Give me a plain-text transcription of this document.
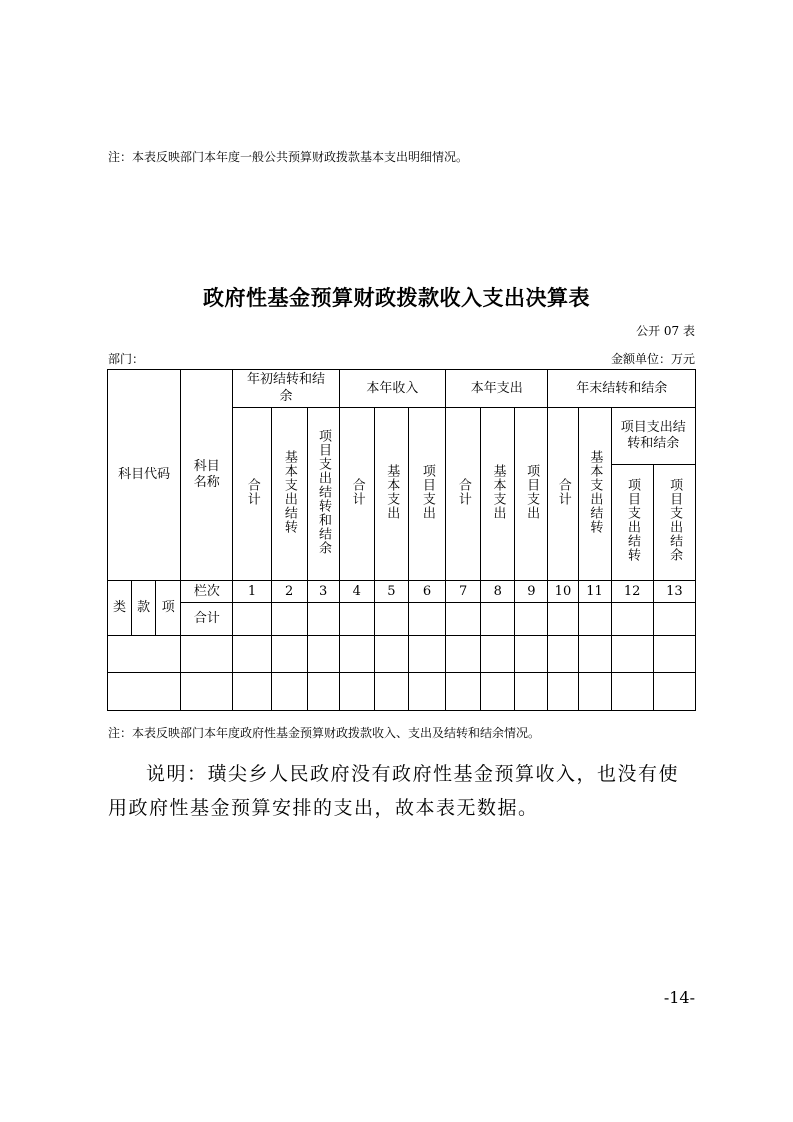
注：本表反映部门本年度一般公共预算财政拨款基本支出明细情况。
政府性基金预算财政拨款收入支出决算表
公开 07 表
部门：	金额单位：万元
科目代码			科目名称	年初结转和结余			本年收入			本年支出			年末结转和结余			
				合计	基本支出结转	项目支出结转和结余	合计	基本支出	项目支出	合计	基本支出	项目支出	合计	基本支出结转	项目支出结转和结余	
															项目支出结转	项目支出结余
类	款	项	栏次	1	2	3	4	5	6	7	8	9	10	11	12	13
			合计													

注：本表反映部门本年度政府性基金预算财政拨款收入、支出及结转和结余情况。
说明：璜尖乡人民政府没有政府性基金预算收入，也没有使用政府性基金预算安排的支出，故本表无数据。
-14-
